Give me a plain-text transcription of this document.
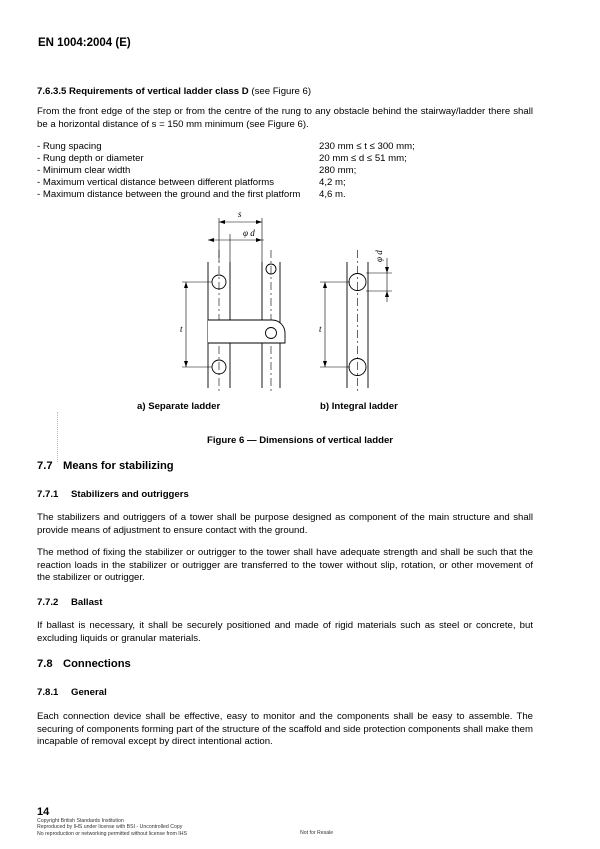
EN 1004:2004 (E)
7.6.3.5 Requirements of vertical ladder class D (see Figure 6)
From the front edge of the step or from the centre of the rung to any obstacle behind the stairway/ladder there shall be a horizontal distance of s = 150 mm minimum (see Figure 6).
- Rung spacing	230 mm ≤ t ≤ 300 mm;
- Rung depth or diameter	20 mm ≤ d ≤ 51 mm;
- Minimum clear width	280 mm;
- Maximum vertical distance between different platforms	4,2 m;
- Maximum distance between the ground and the first platform	4,6 m.
s
φ d
t	t
φ d
a) Separate ladder	b) Integral ladder
Figure 6 — Dimensions of vertical ladder
7.7 Means for stabilizing
7.7.1 Stabilizers and outriggers
The stabilizers and outriggers of a tower shall be purpose designed as component of the main structure and shall provide means of adjustment to ensure contact with the ground.
The method of fixing the stabilizer or outrigger to the tower shall have adequate strength and shall be such that the reaction loads in the stabilizer or outrigger are transferred to the tower without slip, rotation, or other movement of the stabilizer or outrigger.
7.7.2 Ballast
If ballast is necessary, it shall be securely positioned and made of rigid materials such as steel or concrete, but excluding liquids or granular materials.
7.8 Connections
7.8.1 General
Each connection device shall be effective, easy to monitor and the components shall be easy to assemble. The securing of components forming part of the structure of the scaffold and side protection components shall make them incapable of removal except by direct intentional action.
14
Copyright British Standards Institution
Reproduced by IHS under license with BSI - Uncontrolled Copy
No reproduction or networking permitted without license from IHS	Not for Resale
